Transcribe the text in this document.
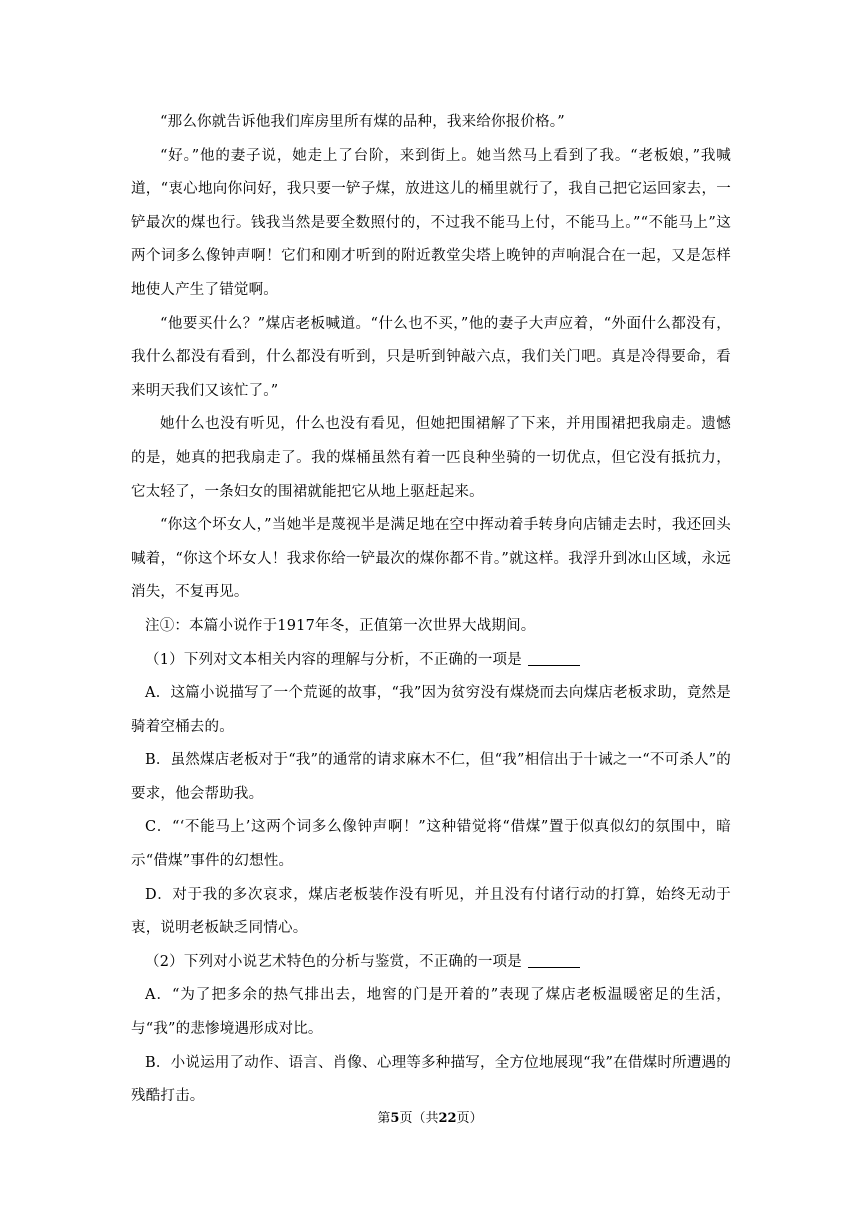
“那么你就告诉他我们库房里所有煤的品种，我来给你报价格。”

“好。”他的妻子说，她走上了台阶，来到街上。她当然马上看到了我。“老板娘，”我喊道，“衷心地向你问好，我只要一铲子煤，放进这儿的桶里就行了，我自己把它运回家去，一铲最次的煤也行。钱我当然是要全数照付的，不过我不能马上付，不能马上。”“不能马上”这两个词多么像钟声啊！它们和刚才听到的附近教堂尖塔上晚钟的声响混合在一起，又是怎样地使人产生了错觉啊。

“他要买什么？”煤店老板喊道。“什么也不买，”他的妻子大声应着，“外面什么都没有，我什么都没有看到，什么都没有听到，只是听到钟敲六点，我们关门吧。真是冷得要命，看来明天我们又该忙了。”

她什么也没有听见，什么也没有看见，但她把围裙解了下来，并用围裙把我扇走。遗憾的是，她真的把我扇走了。我的煤桶虽然有着一匹良种坐骑的一切优点，但它没有抵抗力，它太轻了，一条妇女的围裙就能把它从地上驱赶起来。

“你这个坏女人，”当她半是蔑视半是满足地在空中挥动着手转身向店铺走去时，我还回头喊着，“你这个坏女人！我求你给一铲最次的煤你都不肯。”就这样。我浮升到冰山区域，永远消失，不复再见。

注①：本篇小说作于1917年冬，正值第一次世界大战期间。

（1）下列对文本相关内容的理解与分析，不正确的一项是

A．这篇小说描写了一个荒诞的故事，“我”因为贫穷没有煤烧而去向煤店老板求助，竟然是骑着空桶去的。

B．虽然煤店老板对于“我”的通常的请求麻木不仁，但“我”相信出于十诫之一“不可杀人”的要求，他会帮助我。

C．“‘不能马上’这两个词多么像钟声啊！”这种错觉将“借煤”置于似真似幻的氛围中，暗示“借煤”事件的幻想性。

D．对于我的多次哀求，煤店老板装作没有听见，并且没有付诸行动的打算，始终无动于衷，说明老板缺乏同情心。

（2）下列对小说艺术特色的分析与鉴赏，不正确的一项是

A．“为了把多余的热气排出去，地窖的门是开着的”表现了煤店老板温暖密足的生活，与“我”的悲惨境遇形成对比。

B．小说运用了动作、语言、肖像、心理等多种描写，全方位地展现“我”在借煤时所遭遇的残酷打击。

第5页（共22页）
